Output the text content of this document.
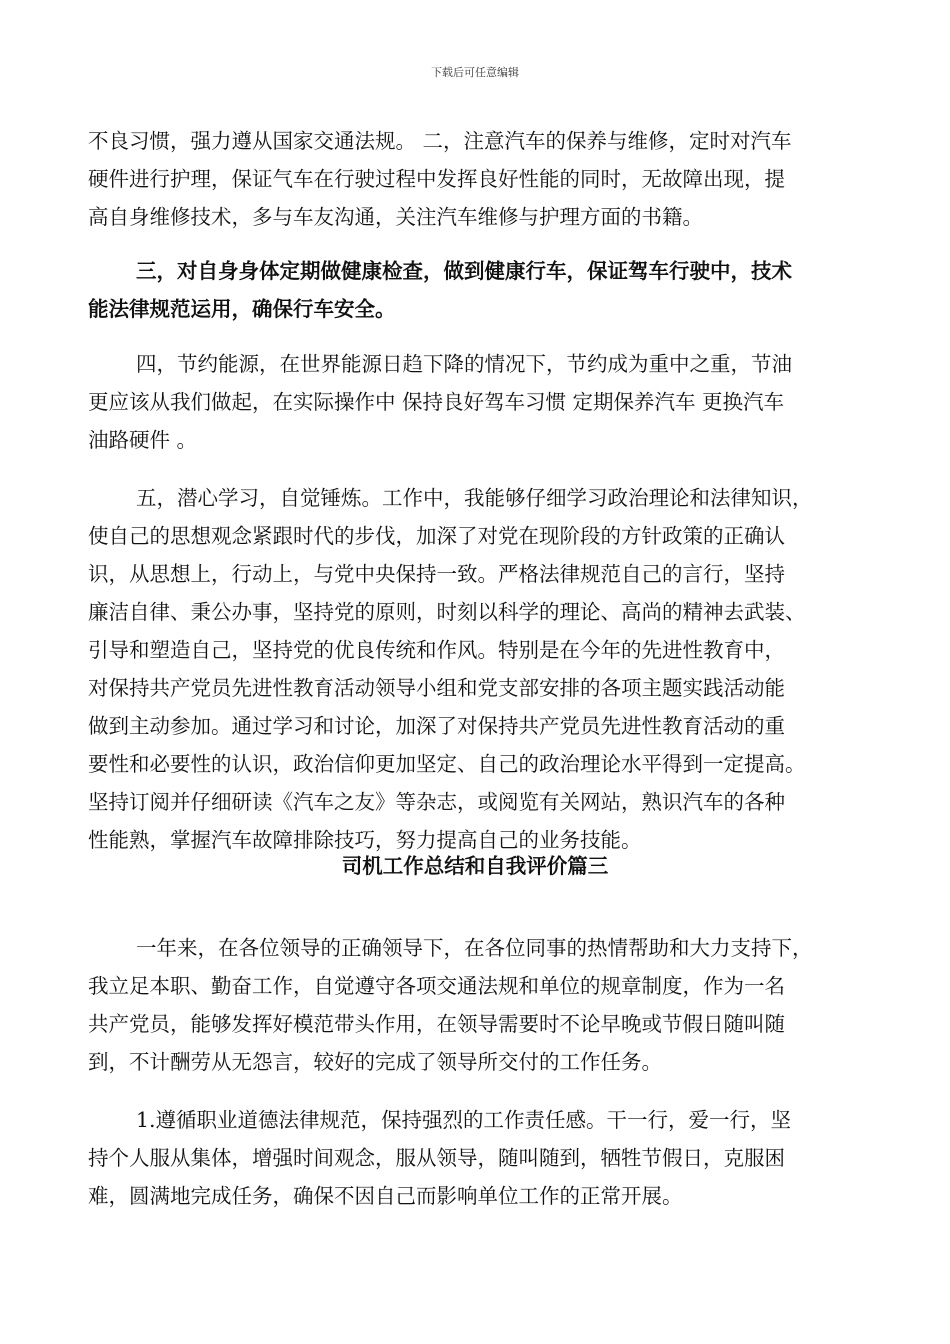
下载后可任意编辑
不良习惯，强力遵从国家交通法规。 二，注意汽车的保养与维修，定时对汽车
硬件进行护理，保证气车在行驶过程中发挥良好性能的同时，无故障出现，提
高自身维修技术，多与车友沟通，关注汽车维修与护理方面的书籍。
三，对自身身体定期做健康检查，做到健康行车，保证驾车行驶中，技术
能法律规范运用，确保行车安全。
四，节约能源，在世界能源日趋下降的情况下，节约成为重中之重，节油
更应该从我们做起，在实际操作中 保持良好驾车习惯 定期保养汽车 更换汽车
油路硬件 。
五，潜心学习，自觉锤炼。工作中，我能够仔细学习政治理论和法律知识，
使自己的思想观念紧跟时代的步伐，加深了对党在现阶段的方针政策的正确认
识，从思想上，行动上，与党中央保持一致。严格法律规范自己的言行，坚持
廉洁自律、秉公办事，坚持党的原则，时刻以科学的理论、高尚的精神去武装、
引导和塑造自己，坚持党的优良传统和作风。特别是在今年的先进性教育中，
对保持共产党员先进性教育活动领导小组和党支部安排的各项主题实践活动能
做到主动参加。通过学习和讨论，加深了对保持共产党员先进性教育活动的重
要性和必要性的认识，政治信仰更加坚定、自己的政治理论水平得到一定提高。
坚持订阅并仔细研读《汽车之友》等杂志，或阅览有关网站，熟识汽车的各种
性能熟，掌握汽车故障排除技巧，努力提高自己的业务技能。
司机工作总结和自我评价篇三
一年来，在各位领导的正确领导下，在各位同事的热情帮助和大力支持下，
我立足本职、勤奋工作，自觉遵守各项交通法规和单位的规章制度，作为一名
共产党员，能够发挥好模范带头作用，在领导需要时不论早晚或节假日随叫随
到，不计酬劳从无怨言，较好的完成了领导所交付的工作任务。
1.遵循职业道德法律规范，保持强烈的工作责任感。干一行，爱一行，坚
持个人服从集体，增强时间观念，服从领导，随叫随到，牺牲节假日，克服困
难，圆满地完成任务，确保不因自己而影响单位工作的正常开展。
